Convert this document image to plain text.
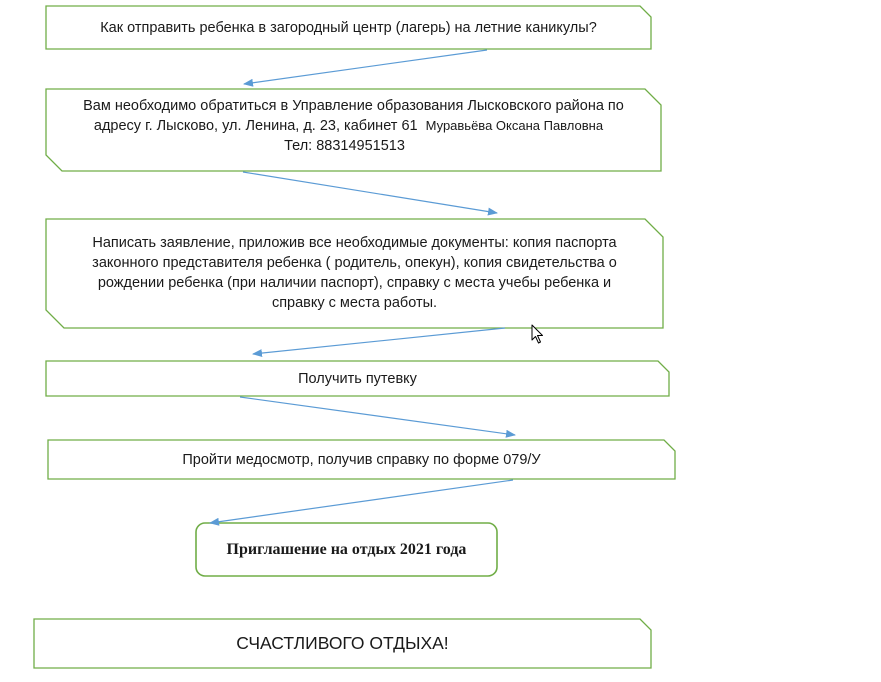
Как отправить ребенка в загородный центр (лагерь) на летние каникулы?
Вам необходимо обратиться в Управление образования Лысковского района по
адресу г. Лысково, ул. Ленина, д. 23, кабинет 61 Муравьёва Оксана Павловна
Тел: 88314951513
Написать заявление, приложив все необходимые документы: копия паспорта
законного представителя ребенка ( родитель, опекун), копия свидетельства о
рождении ребенка (при наличии паспорт), справку с места учебы ребенка и
справку с места работы.
Получить путевку
Пройти медосмотр, получив справку по форме 079/У
Приглашение на отдых 2021 года
СЧАСТЛИВОГО ОТДЫХА!
